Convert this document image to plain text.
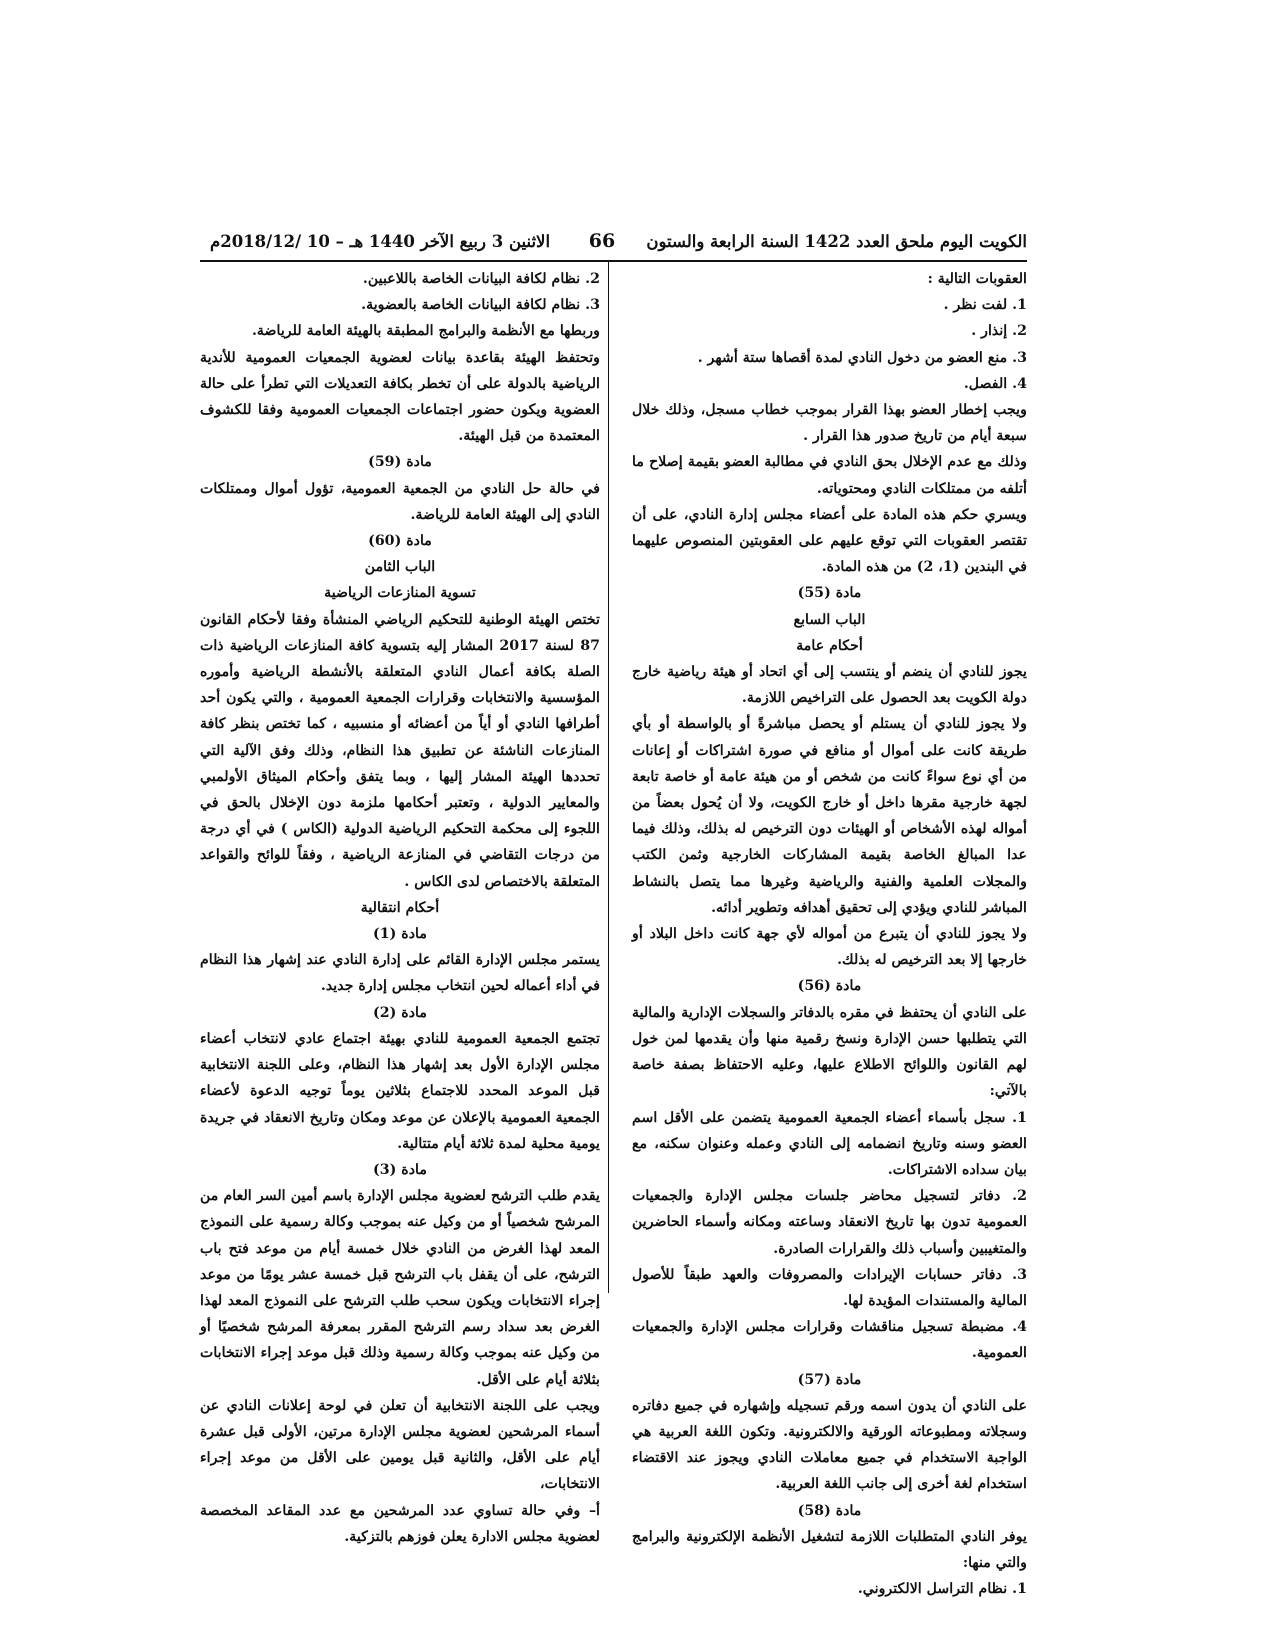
الكويت اليوم ملحق العدد 1422 السنة الرابعة والستون
66
الاثنين 3 ربيع الآخر 1440 هـ – 10 /2018/12م

العقوبات التالية :

1. لفت نظر .

2. إنذار .

3. منع العضو من دخول النادي لمدة أقصاها ستة أشهر .

4. الفصل.

ويجب إخطار العضو بهذا القرار بموجب خطاب مسجل، وذلك خلال سبعة أيام من تاريخ صدور هذا القرار .

وذلك مع عدم الإخلال بحق النادي في مطالبة العضو بقيمة إصلاح ما أتلفه من ممتلكات النادي ومحتوياته.

ويسري حكم هذه المادة على أعضاء مجلس إدارة النادي، على أن تقتصر العقوبات التي توقع عليهم على العقوبتين المنصوص عليهما في البندين (1، 2) من هذه المادة.

مادة (55)

الباب السابع

أحكام عامة

يجوز للنادي أن ينضم أو ينتسب إلى أي اتحاد أو هيئة رياضية خارج دولة الكويت بعد الحصول على التراخيص اللازمة.

ولا يجوز للنادي أن يستلم أو يحصل مباشرةً أو بالواسطة أو بأي طريقة كانت على أموال أو منافع في صورة اشتراكات أو إعانات من أي نوع سواءً كانت من شخص أو من هيئة عامة أو خاصة تابعة لجهة خارجية مقرها داخل أو خارج الكويت، ولا أن يُحول بعضاً من أمواله لهذه الأشخاص أو الهيئات دون الترخيص له بذلك، وذلك فيما عدا المبالغ الخاصة بقيمة المشاركات الخارجية وثمن الكتب والمجلات العلمية والفنية والرياضية وغيرها مما يتصل بالنشاط المباشر للنادي ويؤدي إلى تحقيق أهدافه وتطوير أدائه.

ولا يجوز للنادي أن يتبرع من أمواله لأي جهة كانت داخل البلاد أو خارجها إلا بعد الترخيص له بذلك.

مادة (56)

على النادي أن يحتفظ في مقره بالدفاتر والسجلات الإدارية والمالية التي يتطلبها حسن الإدارة ونسخ رقمية منها وأن يقدمها لمن خول لهم القانون واللوائح الاطلاع عليها، وعليه الاحتفاظ بصفة خاصة بالآتي:

1. سجل بأسماء أعضاء الجمعية العمومية يتضمن على الأقل اسم العضو وسنه وتاريخ انضمامه إلى النادي وعمله وعنوان سكنه، مع بيان سداده الاشتراكات.

2. دفاتر لتسجيل محاضر جلسات مجلس الإدارة والجمعيات العمومية تدون بها تاريخ الانعقاد وساعته ومكانه وأسماء الحاضرين والمتغيبين وأسباب ذلك والقرارات الصادرة.

3. دفاتر حسابات الإيرادات والمصروفات والعهد طبقاً للأصول المالية والمستندات المؤيدة لها.

4. مضبطة تسجيل مناقشات وقرارات مجلس الإدارة والجمعيات العمومية.

مادة (57)

على النادي أن يدون اسمه ورقم تسجيله وإشهاره في جميع دفاتره وسجلاته ومطبوعاته الورقية والالكترونية. وتكون اللغة العربية هي الواجبة الاستخدام في جميع معاملات النادي ويجوز عند الاقتضاء استخدام لغة أخرى إلى جانب اللغة العربية.

مادة (58)

يوفر النادي المتطلبات اللازمة لتشغيل الأنظمة الإلكترونية والبرامج والتي منها:

1. نظام التراسل الالكتروني.

2. نظام لكافة البيانات الخاصة باللاعبين.

3. نظام لكافة البيانات الخاصة بالعضوية.

وربطها مع الأنظمة والبرامج المطبقة بالهيئة العامة للرياضة.

وتحتفظ الهيئة بقاعدة بيانات لعضوية الجمعيات العمومية للأندية الرياضية بالدولة على أن تخطر بكافة التعديلات التي تطرأ على حالة العضوية ويكون حضور اجتماعات الجمعيات العمومية وفقا للكشوف المعتمدة من قبل الهيئة.

مادة (59)

في حالة حل النادي من الجمعية العمومية، تؤول أموال وممتلكات النادي إلى الهيئة العامة للرياضة.

مادة (60)

الباب الثامن

تسوية المنازعات الرياضية

تختص الهيئة الوطنية للتحكيم الرياضي المنشأة وفقا لأحكام القانون 87 لسنة 2017 المشار إليه بتسوية كافة المنازعات الرياضية ذات الصلة بكافة أعمال النادي المتعلقة بالأنشطة الرياضية وأموره المؤسسية والانتخابات وقرارات الجمعية العمومية ، والتي يكون أحد أطرافها النادي أو أياً من أعضائه أو منسبيه ، كما تختص بنظر كافة المنازعات الناشئة عن تطبيق هذا النظام، وذلك وفق الآلية التي تحددها الهيئة المشار إليها ، وبما يتفق وأحكام الميثاق الأولمبي والمعايير الدولية ، وتعتبر أحكامها ملزمة دون الإخلال بالحق في اللجوء إلى محكمة التحكيم الرياضية الدولية (الكاس ) في أي درجة من درجات التقاضي في المنازعة الرياضية ، وفقاً للوائح والقواعد المتعلقة بالاختصاص لدى الكاس .

أحكام انتقالية

مادة (1)

يستمر مجلس الإدارة القائم على إدارة النادي عند إشهار هذا النظام في أداء أعماله لحين انتخاب مجلس إدارة جديد.

مادة (2)

تجتمع الجمعية العمومية للنادي بهيئة اجتماع عادي لانتخاب أعضاء مجلس الإدارة الأول بعد إشهار هذا النظام، وعلى اللجنة الانتخابية قبل الموعد المحدد للاجتماع بثلاثين يوماً توجيه الدعوة لأعضاء الجمعية العمومية بالإعلان عن موعد ومكان وتاريخ الانعقاد في جريدة يومية محلية لمدة ثلاثة أيام متتالية.

مادة (3)

يقدم طلب الترشح لعضوية مجلس الإدارة باسم أمين السر العام من المرشح شخصياً أو من وكيل عنه بموجب وكالة رسمية على النموذج المعد لهذا الغرض من النادي خلال خمسة أيام من موعد فتح باب الترشح، على أن يقفل باب الترشح قبل خمسة عشر يومًا من موعد إجراء الانتخابات ويكون سحب طلب الترشح على النموذج المعد لهذا الغرض بعد سداد رسم الترشح المقرر بمعرفة المرشح شخصيًا أو من وكيل عنه بموجب وكالة رسمية وذلك قبل موعد إجراء الانتخابات بثلاثة أيام على الأقل.

ويجب على اللجنة الانتخابية أن تعلن في لوحة إعلانات النادي عن أسماء المرشحين لعضوية مجلس الإدارة مرتين، الأولى قبل عشرة أيام على الأقل، والثانية قبل يومين على الأقل من موعد إجراء الانتخابات،

أ– وفي حالة تساوي عدد المرشحين مع عدد المقاعد المخصصة لعضوية مجلس الادارة يعلن فوزهم بالتزكية.
